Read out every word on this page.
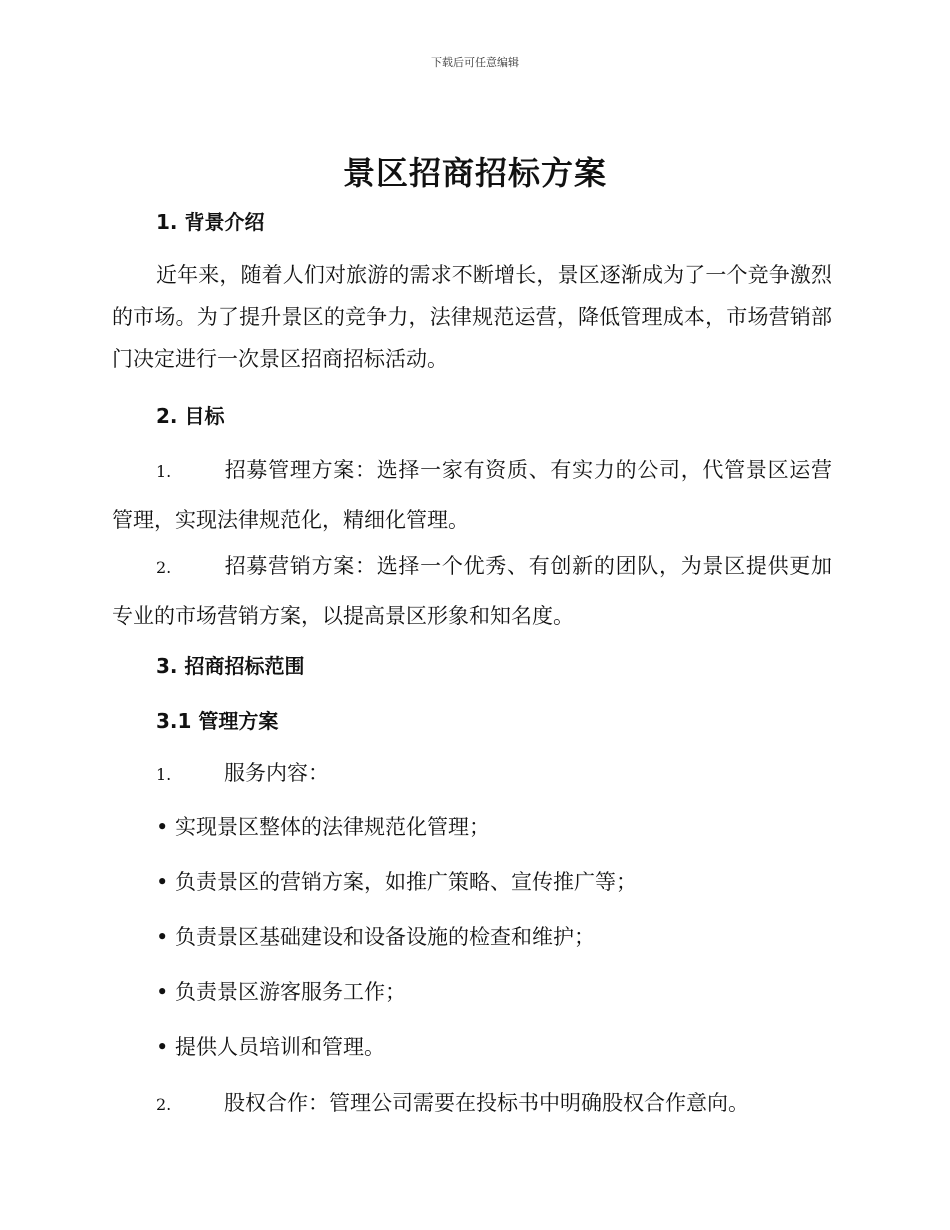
下载后可任意编辑
景区招商招标方案
1. 背景介绍
近年来，随着人们对旅游的需求不断增长，景区逐渐成为了一个竞争激烈的市场。为了提升景区的竞争力，法律规范运营，降低管理成本，市场营销部门决定进行一次景区招商招标活动。
2. 目标
1.	招募管理方案：选择一家有资质、有实力的公司，代管景区运营管理，实现法律规范化，精细化管理。
2.	招募营销方案：选择一个优秀、有创新的团队，为景区提供更加专业的市场营销方案，以提高景区形象和知名度。
3. 招商招标范围
3.1 管理方案
1.	服务内容：
• 实现景区整体的法律规范化管理；
• 负责景区的营销方案，如推广策略、宣传推广等；
• 负责景区基础建设和设备设施的检查和维护；
• 负责景区游客服务工作；
• 提供人员培训和管理。
2.	股权合作：管理公司需要在投标书中明确股权合作意向。
